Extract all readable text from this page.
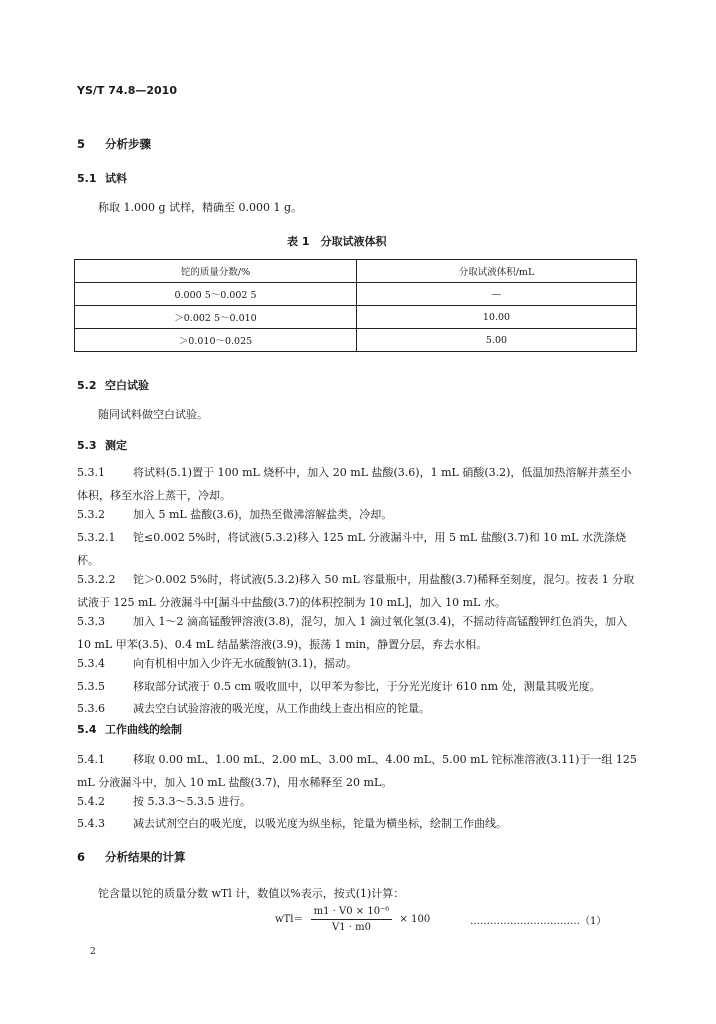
YS/T 74.8—2010
5 分析步骤
5.1 试料
称取 1.000 g 试样，精确至 0.000 1 g。
表 1　分取试液体积
铊的质量分数/%	分取试液体积/mL
0.000 5～0.002 5	—
＞0.002 5～0.010	10.00
＞0.010～0.025	5.00
5.2 空白试验
随同试料做空白试验。
5.3 测定
5.3.1	将试料(5.1)置于 100 mL 烧杯中，加入 20 mL 盐酸(3.6)，1 mL 硝酸(3.2)，低温加热溶解并蒸至小体积，移至水浴上蒸干，冷却。
5.3.2	加入 5 mL 盐酸(3.6)，加热至微沸溶解盐类，冷却。
5.3.2.1 铊≤0.002 5%时，将试液(5.3.2)移入 125 mL 分液漏斗中，用 5 mL 盐酸(3.7)和 10 mL 水洗涤烧杯。
5.3.2.2 铊＞0.002 5%时，将试液(5.3.2)移入 50 mL 容量瓶中，用盐酸(3.7)稀释至刻度，混匀。按表 1 分取试液于 125 mL 分液漏斗中[漏斗中盐酸(3.7)的体积控制为 10 mL]，加入 10 mL 水。
5.3.3	加入 1～2 滴高锰酸钾溶液(3.8)，混匀，加入 1 滴过氧化氢(3.4)，不摇动待高锰酸钾红色消失，加入 10 mL 甲苯(3.5)、0.4 mL 结晶紫溶液(3.9)，振荡 1 min，静置分层，弃去水相。
5.3.4	向有机相中加入少许无水硫酸钠(3.1)，摇动。
5.3.5	移取部分试液于 0.5 cm 吸收皿中，以甲苯为参比，于分光光度计 610 nm 处，测量其吸光度。
5.3.6	减去空白试验溶液的吸光度，从工作曲线上查出相应的铊量。
5.4 工作曲线的绘制
5.4.1	移取 0.00 mL、1.00 mL、2.00 mL、3.00 mL、4.00 mL、5.00 mL 铊标准溶液(3.11)于一组 125 mL 分液漏斗中，加入 10 mL 盐酸(3.7)，用水稀释至 20 mL。
5.4.2	按 5.3.3～5.3.5 进行。
5.4.3	减去试剂空白的吸光度，以吸光度为纵坐标，铊量为横坐标，绘制工作曲线。
6 分析结果的计算
铊含量以铊的质量分数 wTl 计，数值以%表示，按式(1)计算：
$wTl= \frac{\text{m1 · V0 × 10⁻⁶}}{V1 \cdot m0} \times 100$	……………………………（1）
2
